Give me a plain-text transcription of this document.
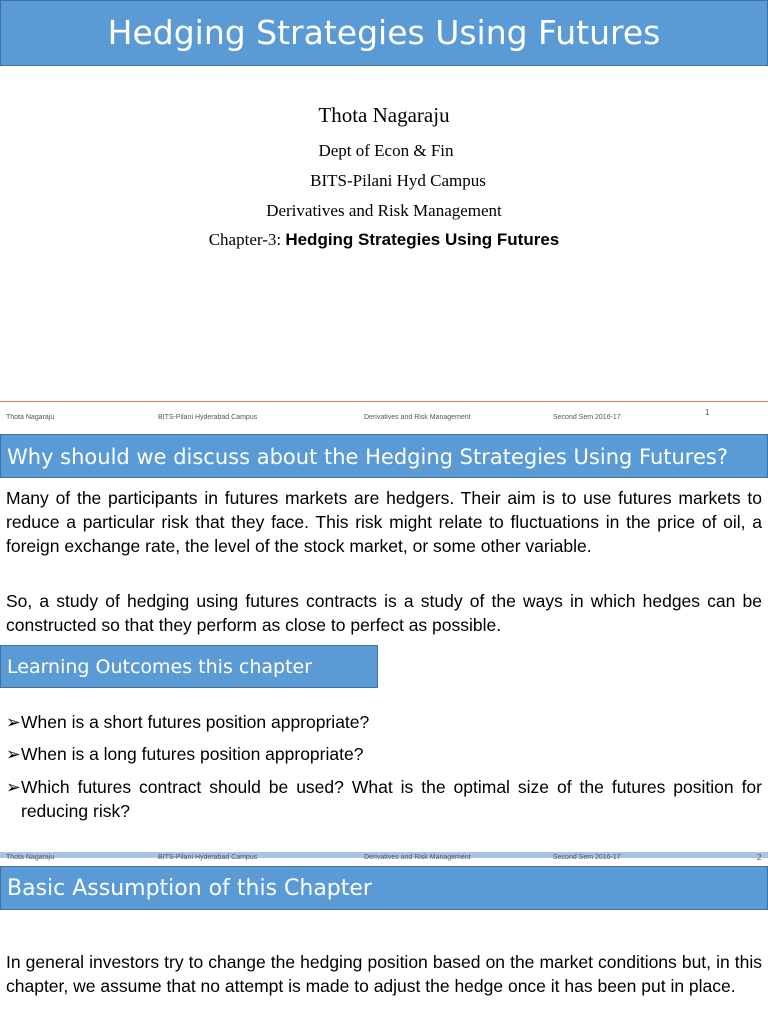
Hedging Strategies Using Futures
Thota Nagaraju
Dept of Econ & Fin
BITS-Pilani Hyd Campus
Derivatives and Risk Management
Chapter-3: Hedging Strategies Using Futures
Thota Nagaraju	BITS-Pilani Hyderabad Campus	Derivatives and Risk Management	Second Sem 2016-17
1
Why should we discuss about the Hedging Strategies Using Futures?
Many of the participants in futures markets are hedgers. Their aim is to use futures markets to reduce a particular risk that they face. This risk might relate to fluctuations in the price of oil, a foreign exchange rate, the level of the stock market, or some other variable.
So, a study of hedging using futures contracts is a study of the ways in which hedges can be constructed so that they perform as close to perfect as possible.
Learning Outcomes this chapter
➢When is a short futures position appropriate?
➢When is a long futures position appropriate?
➢Which futures contract should be used? What is the optimal size of the futures position for reducing risk?
Thota Nagaraju	BITS-Pilani Hyderabad Campus	Derivatives and Risk Management	Second Sem 2016-17	2
Basic Assumption of this Chapter
In general investors try to change the hedging position based on the market conditions but, in this chapter, we assume that no attempt is made to adjust the hedge once it has been put in place.
